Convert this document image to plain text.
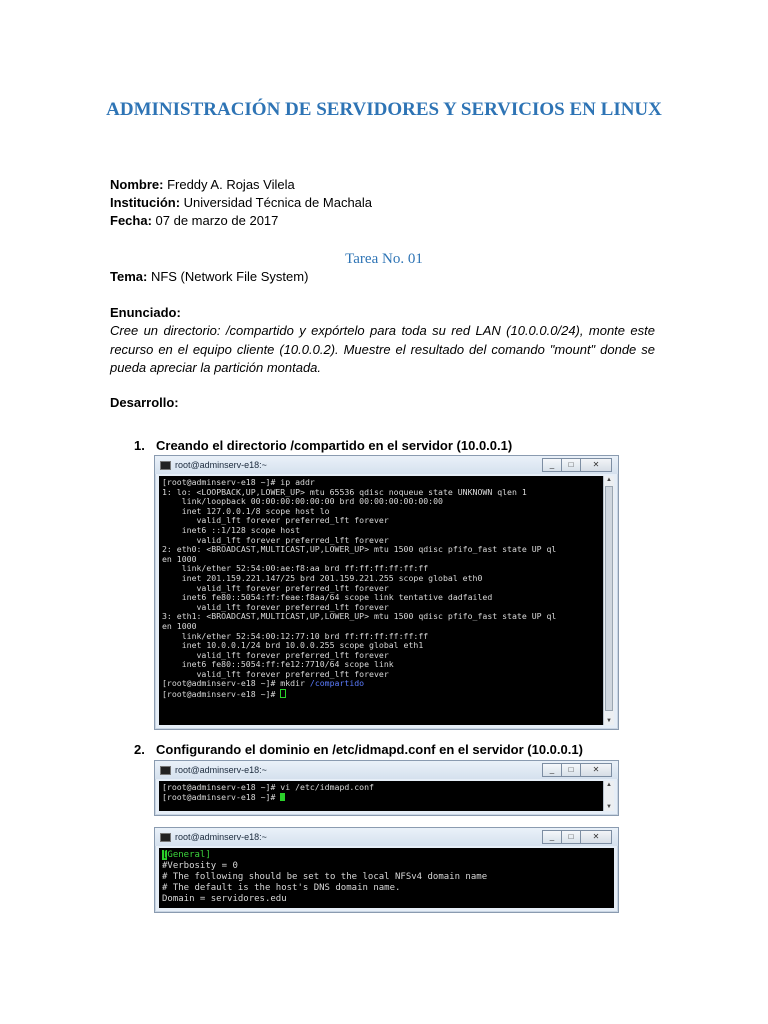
ADMINISTRACIÓN DE SERVIDORES Y SERVICIOS EN LINUX
Nombre: Freddy A. Rojas Vilela
Institución: Universidad Técnica de Machala
Fecha: 07 de marzo de 2017
Tarea No. 01
Tema: NFS (Network File System)
Enunciado:

Cree un directorio: /compartido y expórtelo para toda su red LAN (10.0.0.0/24), monte este recurso en el equipo cliente (10.0.0.2). Muestre el resultado del comando "mount" donde se pueda apreciar la partición montada.

Desarrollo:
1. Creando el directorio /compartido en el servidor (10.0.0.1)
root@adminserv-e18:~	_	□	✕
[root@adminserv-e18 ~]# ip addr
1: lo: <LOOPBACK,UP,LOWER_UP> mtu 65536 qdisc noqueue state UNKNOWN qlen 1
link/loopback 00:00:00:00:00:00 brd 00:00:00:00:00:00
inet 127.0.0.1/8 scope host lo
valid_lft forever preferred_lft forever
inet6 ::1/128 scope host
valid_lft forever preferred_lft forever
2: eth0: <BROADCAST,MULTICAST,UP,LOWER_UP> mtu 1500 qdisc pfifo_fast state UP ql
en 1000
link/ether 52:54:00:ae:f8:aa brd ff:ff:ff:ff:ff:ff
inet 201.159.221.147/25 brd 201.159.221.255 scope global eth0
valid_lft forever preferred_lft forever
inet6 fe80::5054:ff:feae:f8aa/64 scope link tentative dadfailed
valid_lft forever preferred_lft forever
3: eth1: <BROADCAST,MULTICAST,UP,LOWER_UP> mtu 1500 qdisc pfifo_fast state UP ql
en 1000
link/ether 52:54:00:12:77:10 brd ff:ff:ff:ff:ff:ff
inet 10.0.0.1/24 brd 10.0.0.255 scope global eth1
valid_lft forever preferred_lft forever
inet6 fe80::5054:ff:fe12:7710/64 scope link
valid_lft forever preferred_lft forever
[root@adminserv-e18 ~]# mkdir /compartido
[root@adminserv-e18 ~]#
▲
▼
2. Configurando el dominio en /etc/idmapd.conf en el servidor (10.0.0.1)
root@adminserv-e18:~	_	□	✕
[root@adminserv-e18 ~]# vi /etc/idmapd.conf
[root@adminserv-e18 ~]#
▲
▼
root@adminserv-e18:~	_	□	✕
[General]
#Verbosity = 0
# The following should be set to the local NFSv4 domain name
# The default is the host's DNS domain name.
Domain = servidores.edu
